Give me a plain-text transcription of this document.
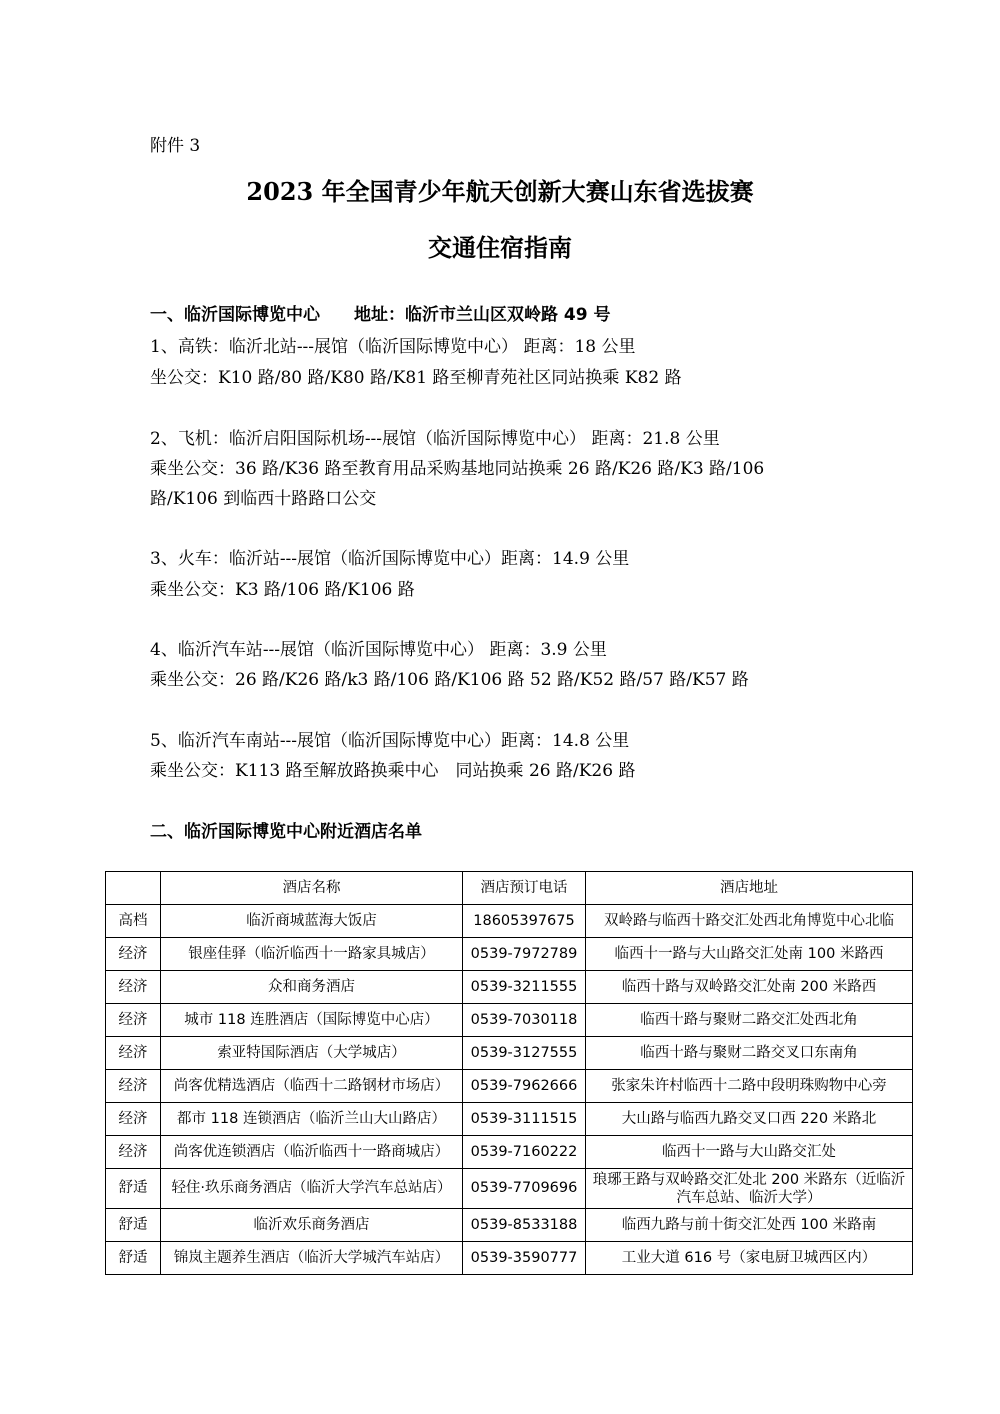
附件 3
2023 年全国青少年航天创新大赛山东省选拔赛
交通住宿指南
一、临沂国际博览中心　　地址：临沂市兰山区双岭路 49 号
1、高铁：临沂北站---展馆（临沂国际博览中心） 距离：18 公里
坐公交：K10 路/80 路/K80 路/K81 路至柳青苑社区同站换乘 K82 路
2、飞机：临沂启阳国际机场---展馆（临沂国际博览中心） 距离：21.8 公里
乘坐公交：36 路/K36 路至教育用品采购基地同站换乘 26 路/K26 路/K3 路/106
路/K106 到临西十路路口公交
3、火车：临沂站---展馆（临沂国际博览中心）距离：14.9 公里
乘坐公交：K3 路/106 路/K106 路
4、临沂汽车站---展馆（临沂国际博览中心） 距离：3.9 公里
乘坐公交：26 路/K26 路/k3 路/106 路/K106 路 52 路/K52 路/57 路/K57 路
5、临沂汽车南站---展馆（临沂国际博览中心）距离：14.8 公里
乘坐公交：K113 路至解放路换乘中心　同站换乘 26 路/K26 路
二、临沂国际博览中心附近酒店名单
	酒店名称	酒店预订电话	酒店地址
高档	临沂商城蓝海大饭店	18605397675	双岭路与临西十路交汇处西北角博览中心北临
经济	银座佳驿（临沂临西十一路家具城店）	0539-7972789	临西十一路与大山路交汇处南 100 米路西
经济	众和商务酒店	0539-3211555	临西十路与双岭路交汇处南 200 米路西
经济	城市 118 连胜酒店（国际博览中心店）	0539-7030118	临西十路与聚财二路交汇处西北角
经济	索亚特国际酒店（大学城店）	0539-3127555	临西十路与聚财二路交叉口东南角
经济	尚客优精选酒店（临西十二路钢材市场店）	0539-7962666	张家朱许村临西十二路中段明珠购物中心旁
经济	都市 118 连锁酒店（临沂兰山大山路店）	0539-3111515	大山路与临西九路交叉口西 220 米路北
经济	尚客优连锁酒店（临沂临西十一路商城店）	0539-7160222	临西十一路与大山路交汇处
舒适	轻住·玖乐商务酒店（临沂大学汽车总站店）	0539-7709696	琅琊王路与双岭路交汇处北 200 米路东（近临沂汽车总站、临沂大学）
舒适	临沂欢乐商务酒店	0539-8533188	临西九路与前十街交汇处西 100 米路南
舒适	锦岚主题养生酒店（临沂大学城汽车站店）	0539-3590777	工业大道 616 号（家电厨卫城西区内）
